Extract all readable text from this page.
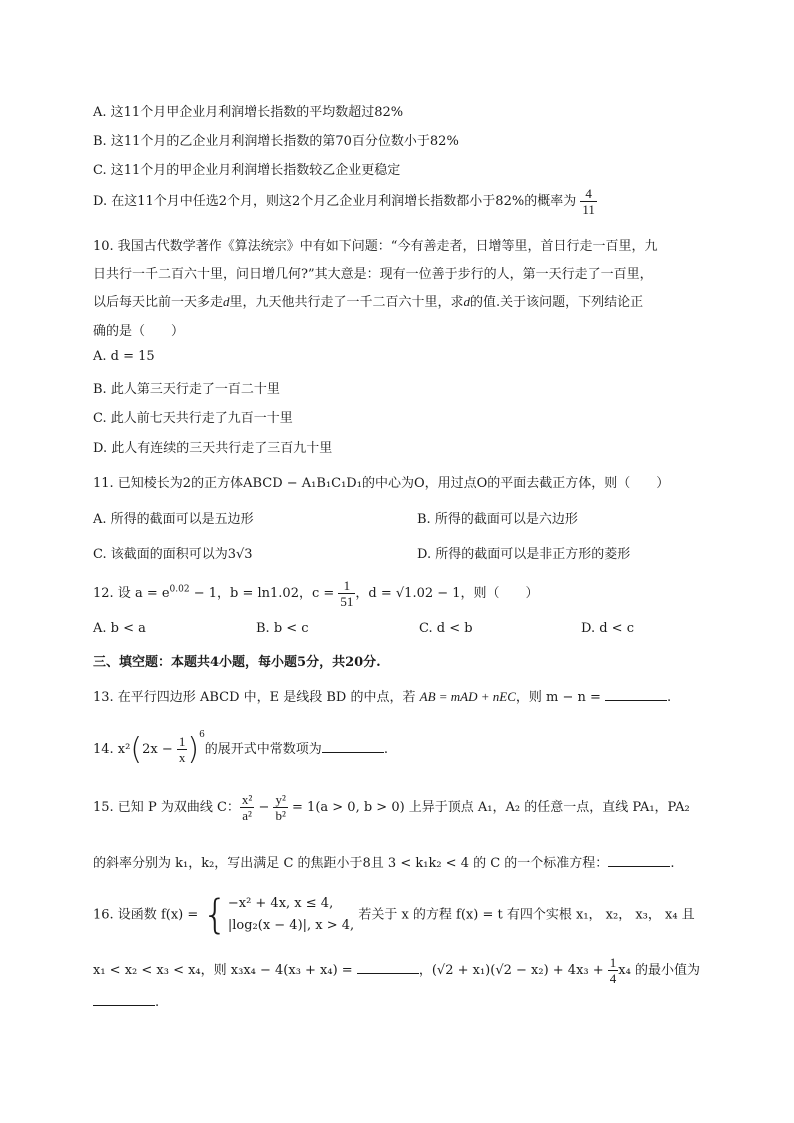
A. 这11个月甲企业月利润增长指数的平均数超过82%
B. 这11个月的乙企业月利润增长指数的第70百分位数小于82%
C. 这11个月的甲企业月利润增长指数较乙企业更稳定
D. 在这11个月中任选2个月，则这2个月乙企业月利润增长指数都小于82%的概率为 $\frac{4}{11}$
10. 我国古代数学著作《算法统宗》中有如下问题：“今有善走者，日增等里，首日行走一百里，九
日共行一千二百六十里，问日增几何?”其大意是：现有一位善于步行的人，第一天行走了一百里，
以后每天比前一天多走d里，九天他共行走了一千二百六十里，求d的值.关于该问题，下列结论正
确的是（　　）
A. d = 15
B. 此人第三天行走了一百二十里
C. 此人前七天共行走了九百一十里
D. 此人有连续的三天共行走了三百九十里
11. 已知棱长为2的正方体ABCD − A₁B₁C₁D₁的中心为O，用过点O的平面去截正方体，则（　　）
A. 所得的截面可以是五边形	B. 所得的截面可以是六边形
C. 该截面的面积可以为3√3	D. 所得的截面可以是非正方形的菱形
12. 设 $a = e^{0.02} - 1$，b = ln1.02，$c = \frac{1}{51}$ ，d = √1.02 − 1，则（　　）
A. b < a	B. b < c	C. d < b	D. d < c
三、填空题：本题共4小题，每小题5分，共20分.
13. 在平行四边形 ABCD 中，E 是线段 BD 的中点，若 AB = mAD + nEC，则 m − n =	.
14. $x^2(2x - \frac{1}{x} )^6$的展开式中常数项为	.
15. 已知 P 为双曲线 C： $\frac{\text{x²}}{\text{a²}} - \frac{\text{y²}}{\text{b²}} = 1(a > 0$, b > 0) 上异于顶点 A₁，A₂ 的任意一点，直线 PA₁，PA₂
的斜率分别为 k₁，k₂，写出满足 C 的焦距小于8且 3 < k₁k₂ < 4 的 C 的一个标准方程：	.
16. 设函数 f(x) = { −x² + 4x, x ≤ 4,
|log₂(x − 4)|, x > 4,
若关于 x 的方程 f(x) = t 有四个实根 x₁， x₂， x₃， x₄ 且
x₁ < x₂ < x₃ < x₄，则 x₃x₄ − 4(x₃ + x₄) =	，$(√2 + x_1)(√2 - x_2) + 4x_3 + \frac{1}{4} x_4$ 的最小值为
.
